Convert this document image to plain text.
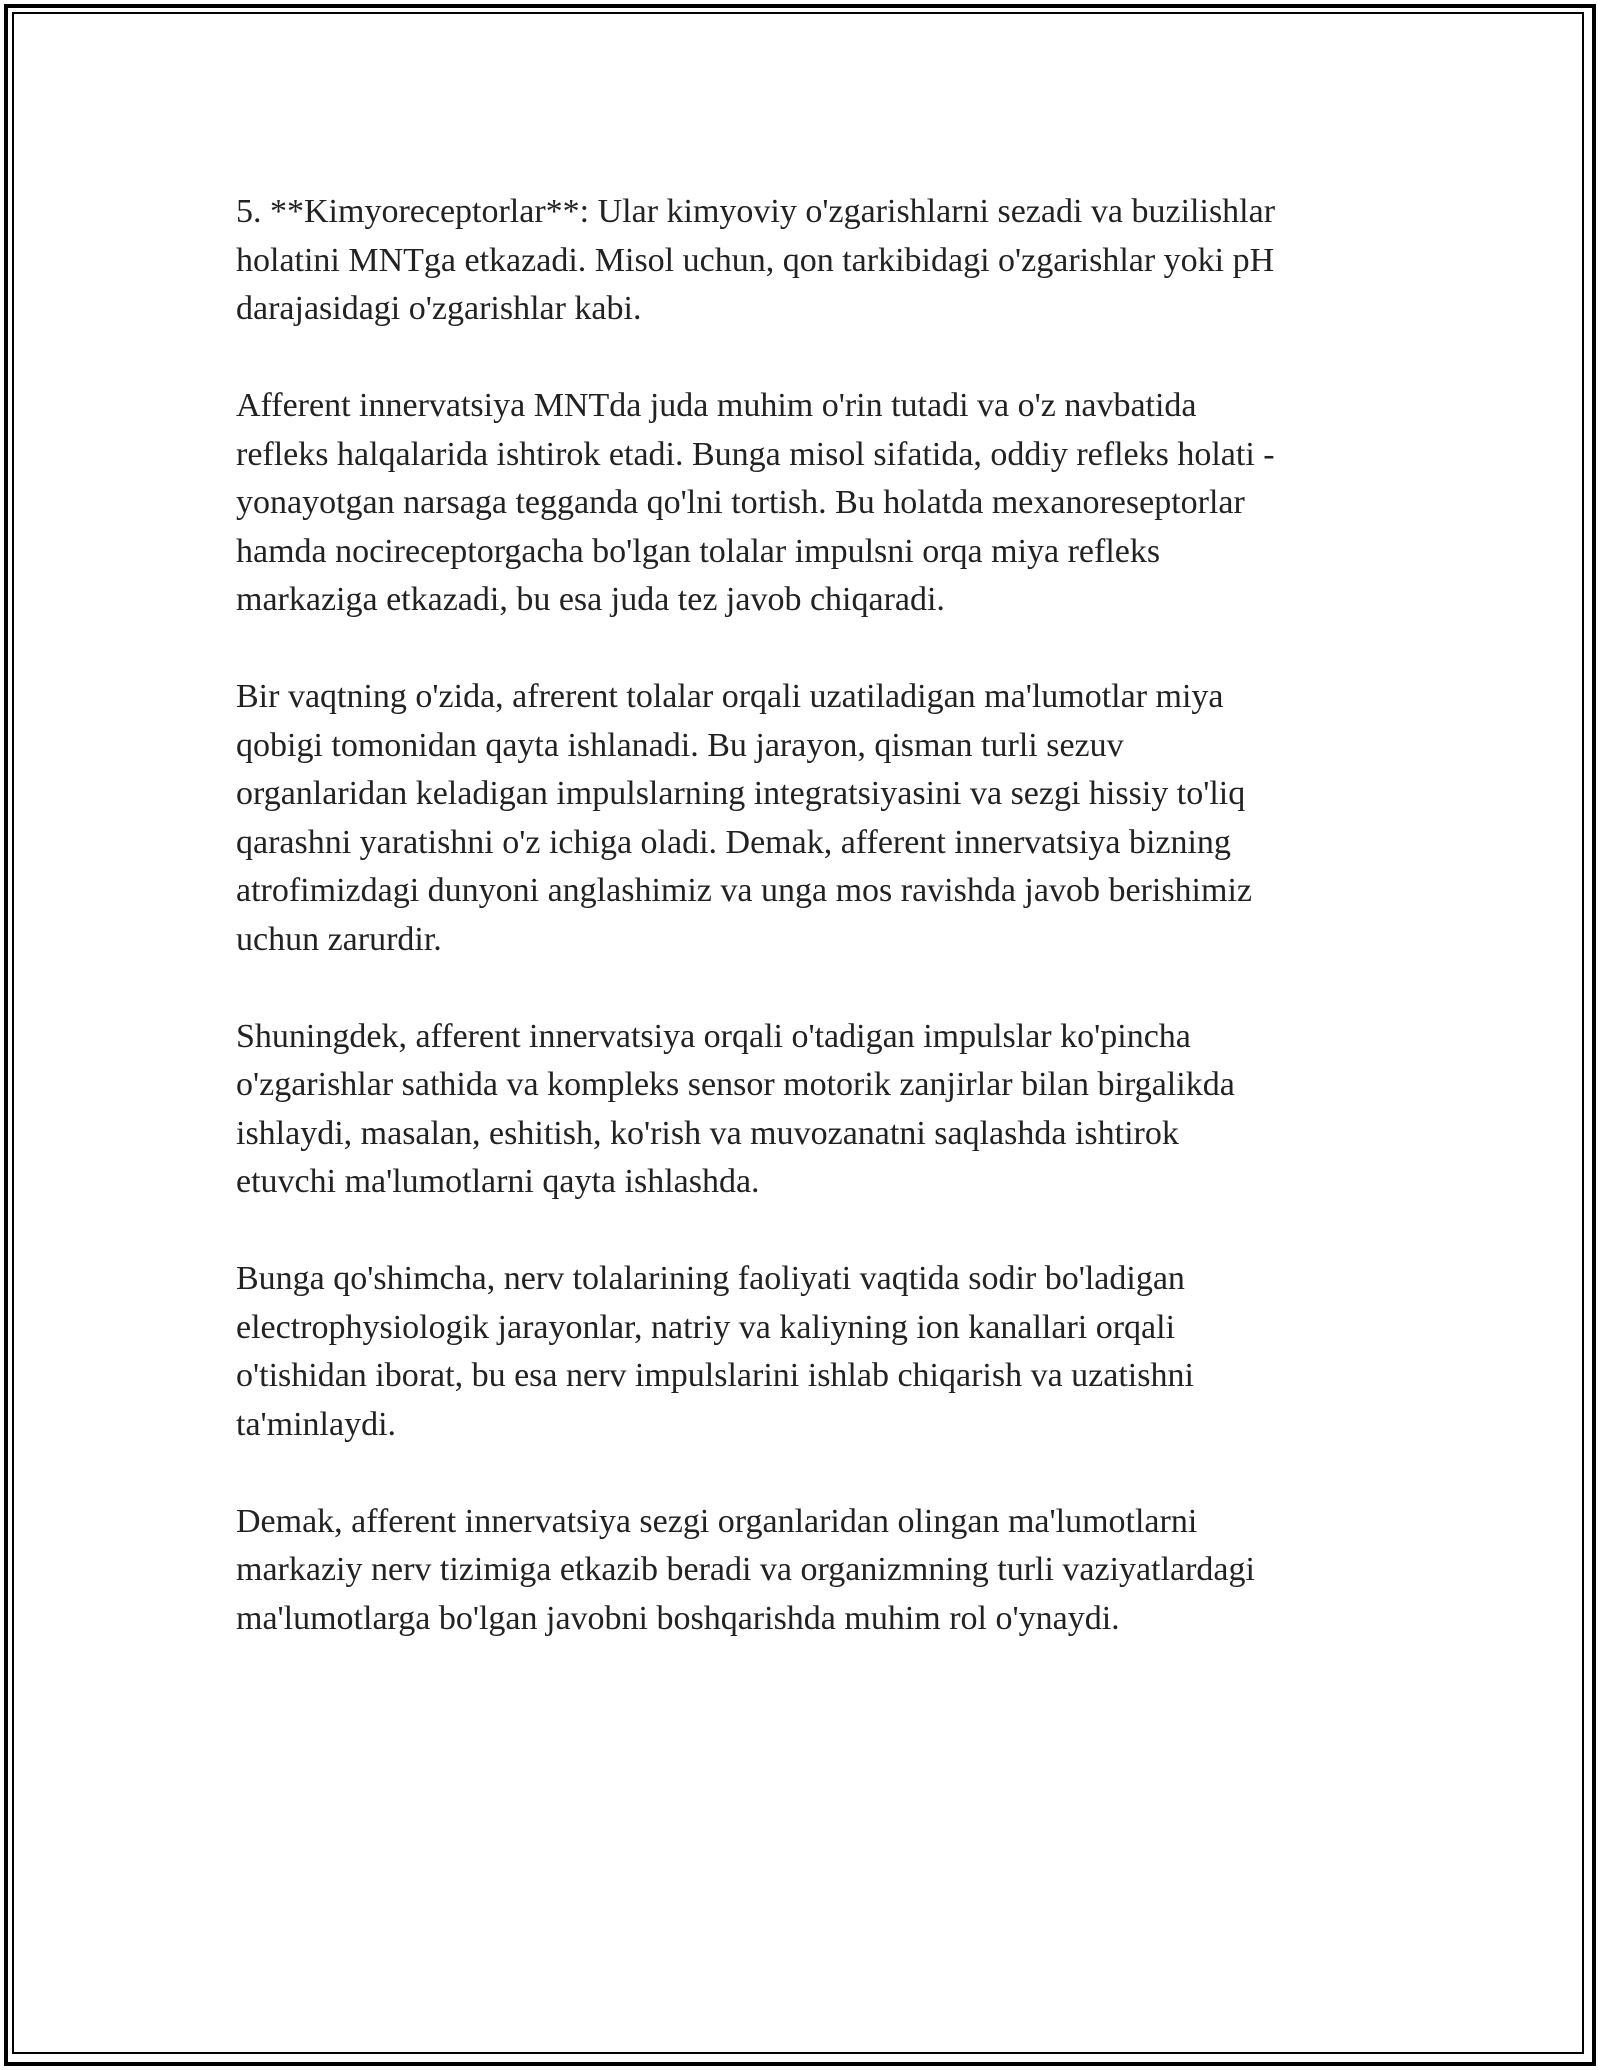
5. **Kimyoreceptorlar**: Ular kimyoviy o'zgarishlarni sezadi va buzilishlar
holatini MNTga etkazadi. Misol uchun, qon tarkibidagi o'zgarishlar yoki pH
darajasidagi o'zgarishlar kabi.

Afferent innervatsiya MNTda juda muhim o'rin tutadi va o'z navbatida
refleks halqalarida ishtirok etadi. Bunga misol sifatida, oddiy refleks holati -
yonayotgan narsaga tegganda qo'lni tortish. Bu holatda mexanoreseptorlar
hamda nocireceptorgacha bo'lgan tolalar impulsni orqa miya refleks
markaziga etkazadi, bu esa juda tez javob chiqaradi.

Bir vaqtning o'zida, afrerent tolalar orqali uzatiladigan ma'lumotlar miya
qobigi tomonidan qayta ishlanadi. Bu jarayon, qisman turli sezuv
organlaridan keladigan impulslarning integratsiyasini va sezgi hissiy to'liq
qarashni yaratishni o'z ichiga oladi. Demak, afferent innervatsiya bizning
atrofimizdagi dunyoni anglashimiz va unga mos ravishda javob berishimiz
uchun zarurdir.

Shuningdek, afferent innervatsiya orqali o'tadigan impulslar ko'pincha
o'zgarishlar sathida va kompleks sensor motorik zanjirlar bilan birgalikda
ishlaydi, masalan, eshitish, ko'rish va muvozanatni saqlashda ishtirok
etuvchi ma'lumotlarni qayta ishlashda.

Bunga qo'shimcha, nerv tolalarining faoliyati vaqtida sodir bo'ladigan
electrophysiologik jarayonlar, natriy va kaliyning ion kanallari orqali
o'tishidan iborat, bu esa nerv impulslarini ishlab chiqarish va uzatishni
ta'minlaydi.

Demak, afferent innervatsiya sezgi organlaridan olingan ma'lumotlarni
markaziy nerv tizimiga etkazib beradi va organizmning turli vaziyatlardagi
ma'lumotlarga bo'lgan javobni boshqarishda muhim rol o'ynaydi.
